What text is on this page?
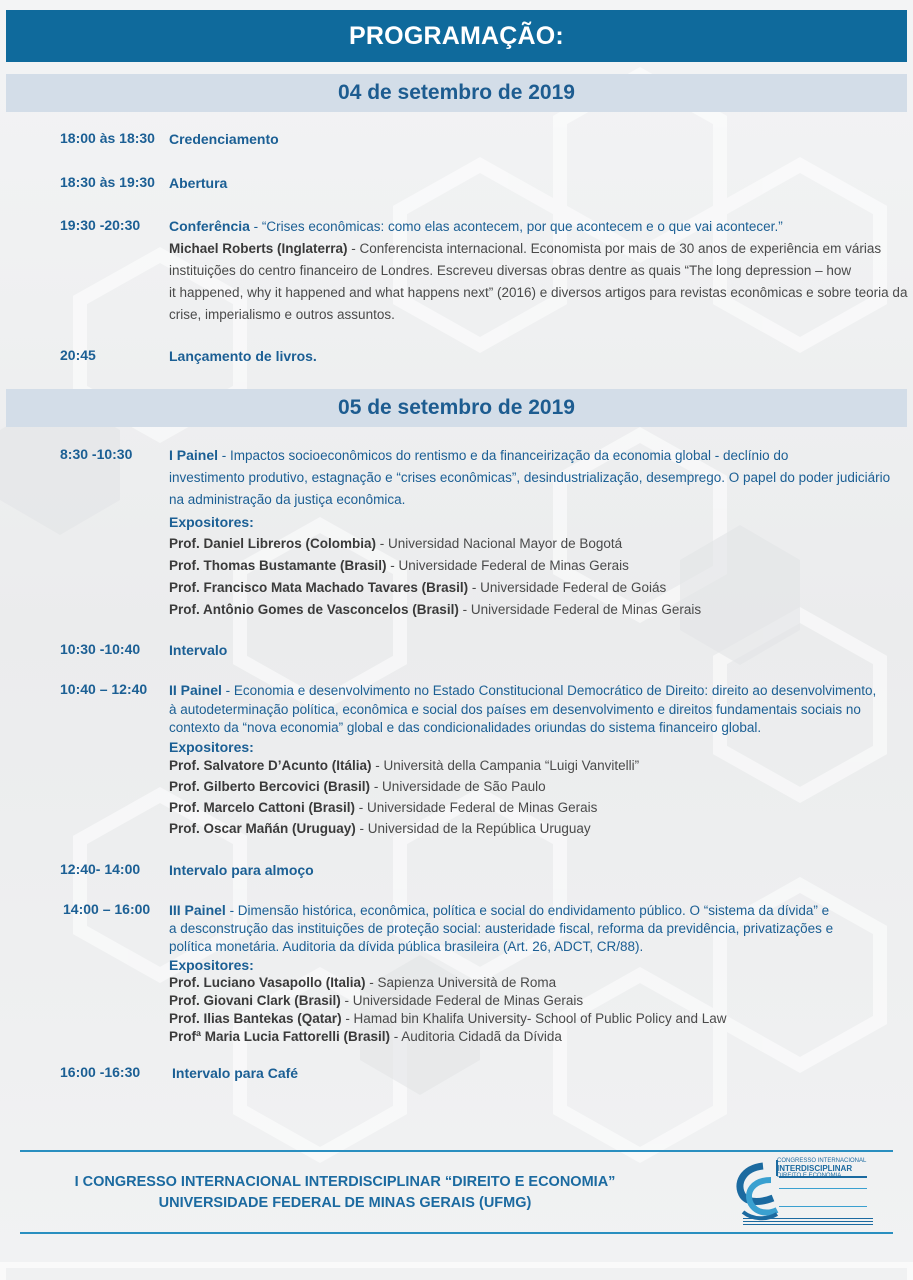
PROGRAMAÇÃO:
04 de setembro de 2019
18:00 às 18:30 Credenciamento
18:30 às 19:30 Abertura
19:30 -20:30 Conferência - “Crises econômicas: como elas acontecem, por que acontecem e o que vai acontecer.”
Michael Roberts (Inglaterra) - Conferencista internacional. Economista por mais de 30 anos de experiência em várias
instituições do centro financeiro de Londres. Escreveu diversas obras dentre as quais “The long depression – how
it happened, why it happened and what happens next” (2016) e diversos artigos para revistas econômicas e sobre teoria da
crise, imperialismo e outros assuntos.
20:45	Lançamento de livros.
05 de setembro de 2019
8:30 -10:30	I Painel - Impactos socioeconômicos do rentismo e da financeirização da economia global - declínio do
investimento produtivo, estagnação e “crises econômicas”, desindustrialização, desemprego. O papel do poder judiciário
na administração da justiça econômica.
Expositores:
Prof. Daniel Libreros (Colombia) - Universidad Nacional Mayor de Bogotá
Prof. Thomas Bustamante (Brasil) - Universidade Federal de Minas Gerais
Prof. Francisco Mata Machado Tavares (Brasil) - Universidade Federal de Goiás
Prof. Antônio Gomes de Vasconcelos (Brasil) - Universidade Federal de Minas Gerais
10:30 -10:40 Intervalo
10:40 – 12:40 II Painel - Economia e desenvolvimento no Estado Constitucional Democrático de Direito: direito ao desenvolvimento,
à autodeterminação política, econômica e social dos países em desenvolvimento e direitos fundamentais sociais no
contexto da “nova economia” global e das condicionalidades oriundas do sistema financeiro global.
Expositores:
Prof. Salvatore D’Acunto (Itália) - Università della Campania “Luigi Vanvitelli”
Prof. Gilberto Bercovici (Brasil) - Universidade de São Paulo
Prof. Marcelo Cattoni (Brasil) - Universidade Federal de Minas Gerais
Prof. Oscar Mañán (Uruguay) - Universidad de la República Uruguay
12:40- 14:00 Intervalo para almoço
14:00 – 16:00 III Painel - Dimensão histórica, econômica, política e social do endividamento público. O “sistema da dívida” e
a desconstrução das instituições de proteção social: austeridade fiscal, reforma da previdência, privatizações e
política monetária. Auditoria da dívida pública brasileira (Art. 26, ADCT, CR/88).
Expositores:
Prof. Luciano Vasapollo (Italia) - Sapienza Università de Roma
Prof. Giovani Clark (Brasil) - Universidade Federal de Minas Gerais
Prof. Ilias Bantekas (Qatar) - Hamad bin Khalifa University- School of Public Policy and Law
Profª Maria Lucia Fattorelli (Brasil) - Auditoria Cidadã da Dívida
16:00 -16:30 Intervalo para Café
I CONGRESSO INTERNACIONAL INTERDISCIPLINAR “DIREITO E ECONOMIA”
UNIVERSIDADE FEDERAL DE MINAS GERAIS (UFMG)
CONGRESSO INTERNACIONAL
INTERDISCIPLINAR
DIREITO E ECONOMIA
